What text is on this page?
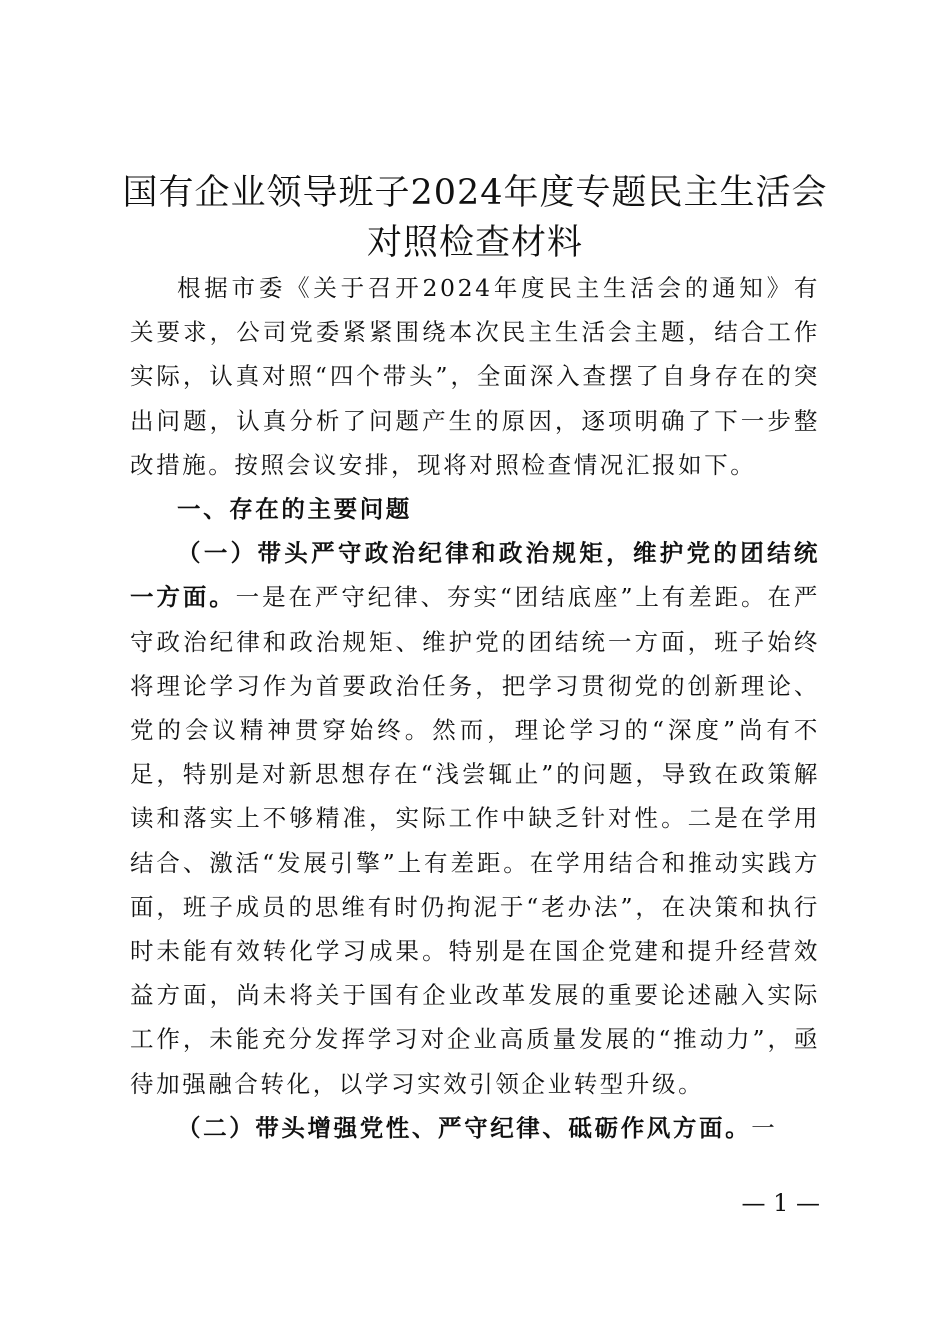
国有企业领导班子2024年度专题民主生活会
对照检查材料

根据市委《关于召开2024年度民主生活会的通知》有关要求，公司党委紧紧围绕本次民主生活会主题，结合工作实际，认真对照“四个带头”，全面深入查摆了自身存在的突出问题，认真分析了问题产生的原因，逐项明确了下一步整改措施。按照会议安排，现将对照检查情况汇报如下。

一、存在的主要问题

（一）带头严守政治纪律和政治规矩，维护党的团结统一方面。一是在严守纪律、夯实“团结底座”上有差距。在严守政治纪律和政治规矩、维护党的团结统一方面，班子始终将理论学习作为首要政治任务，把学习贯彻党的创新理论、党的会议精神贯穿始终。然而，理论学习的“深度”尚有不足，特别是对新思想存在“浅尝辄止”的问题，导致在政策解读和落实上不够精准，实际工作中缺乏针对性。二是在学用结合、激活“发展引擎”上有差距。在学用结合和推动实践方面，班子成员的思维有时仍拘泥于“老办法”，在决策和执行时未能有效转化学习成果。特别是在国企党建和提升经营效益方面，尚未将关于国有企业改革发展的重要论述融入实际工作，未能充分发挥学习对企业高质量发展的“推动力”，亟待加强融合转化，以学习实效引领企业转型升级。

（二）带头增强党性、严守纪律、砥砺作风方面。一

— 1 —
